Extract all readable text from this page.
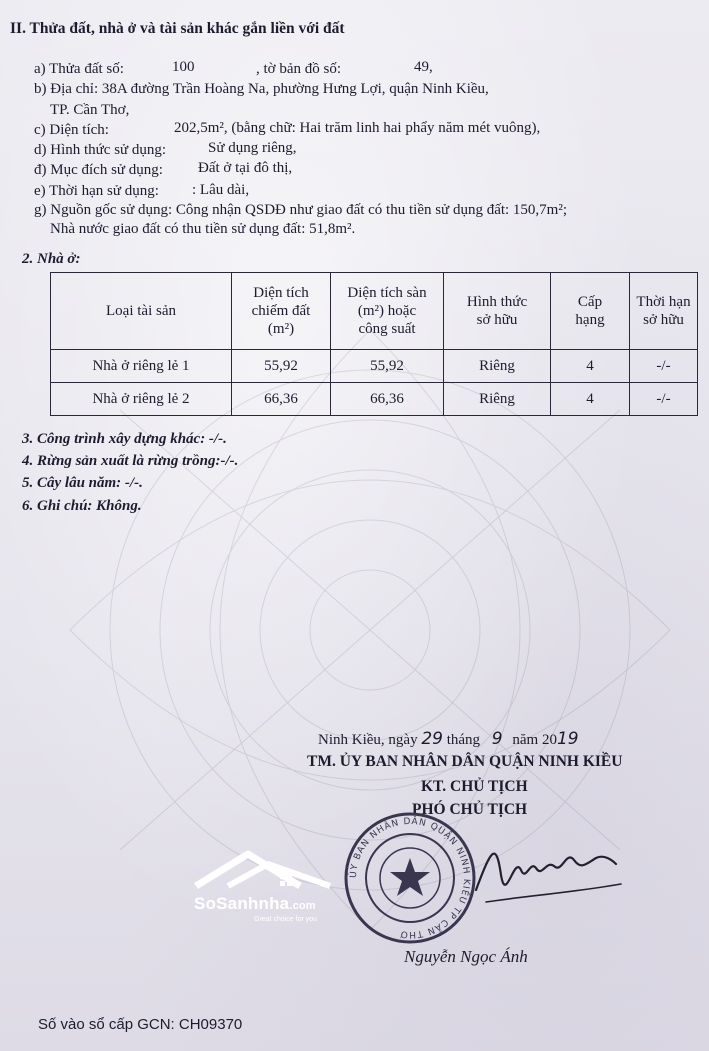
II. Thửa đất, nhà ở và tài sản khác gắn liền với đất
a) Thửa đất số:	100	, tờ bản đồ số:	49,
b) Địa chỉ: 38A đường Trần Hoàng Na, phường Hưng Lợi, quận Ninh Kiều,
TP. Cần Thơ,
c) Diện tích:	202,5m², (bằng chữ: Hai trăm linh hai phẩy năm mét vuông),
d) Hình thức sử dụng:	Sử dụng riêng,
đ) Mục đích sử dụng: Đất ở tại đô thị,
e) Thời hạn sử dụng: : Lâu dài,
g) Nguồn gốc sử dụng: Công nhận QSDĐ như giao đất có thu tiền sử dụng đất: 150,7m²;
Nhà nước giao đất có thu tiền sử dụng đất: 51,8m².
2. Nhà ở:
Loại tài sản	Diện tích
chiếm đất
(m²)	Diện tích sàn
(m²) hoặc
công suất	Hình thức
sở hữu	Cấp
hạng	Thời hạn
sở hữu
Nhà ở riêng lẻ 1	55,92	55,92	Riêng	4	-/-
Nhà ở riêng lẻ 2	66,36	66,36	Riêng	4	-/-
3. Công trình xây dựng khác: -/-.
4. Rừng sản xuất là rừng trồng:-/-.
5. Cây lâu năm: -/-.
6. Ghi chú: Không.
Ninh Kiều, ngày 29 tháng 9 năm 2019
TM. ỦY BAN NHÂN DÂN QUẬN NINH KIỀU
KT. CHỦ TỊCH
PHÓ CHỦ TỊCH
ỦY BAN NHÂN DÂN QUẬN NINH KIỀU TP CẦN THƠ
Nguyễn Ngọc Ánh
SoSanhnha.com
Great choice for you
Số vào sổ cấp GCN: CH09370
